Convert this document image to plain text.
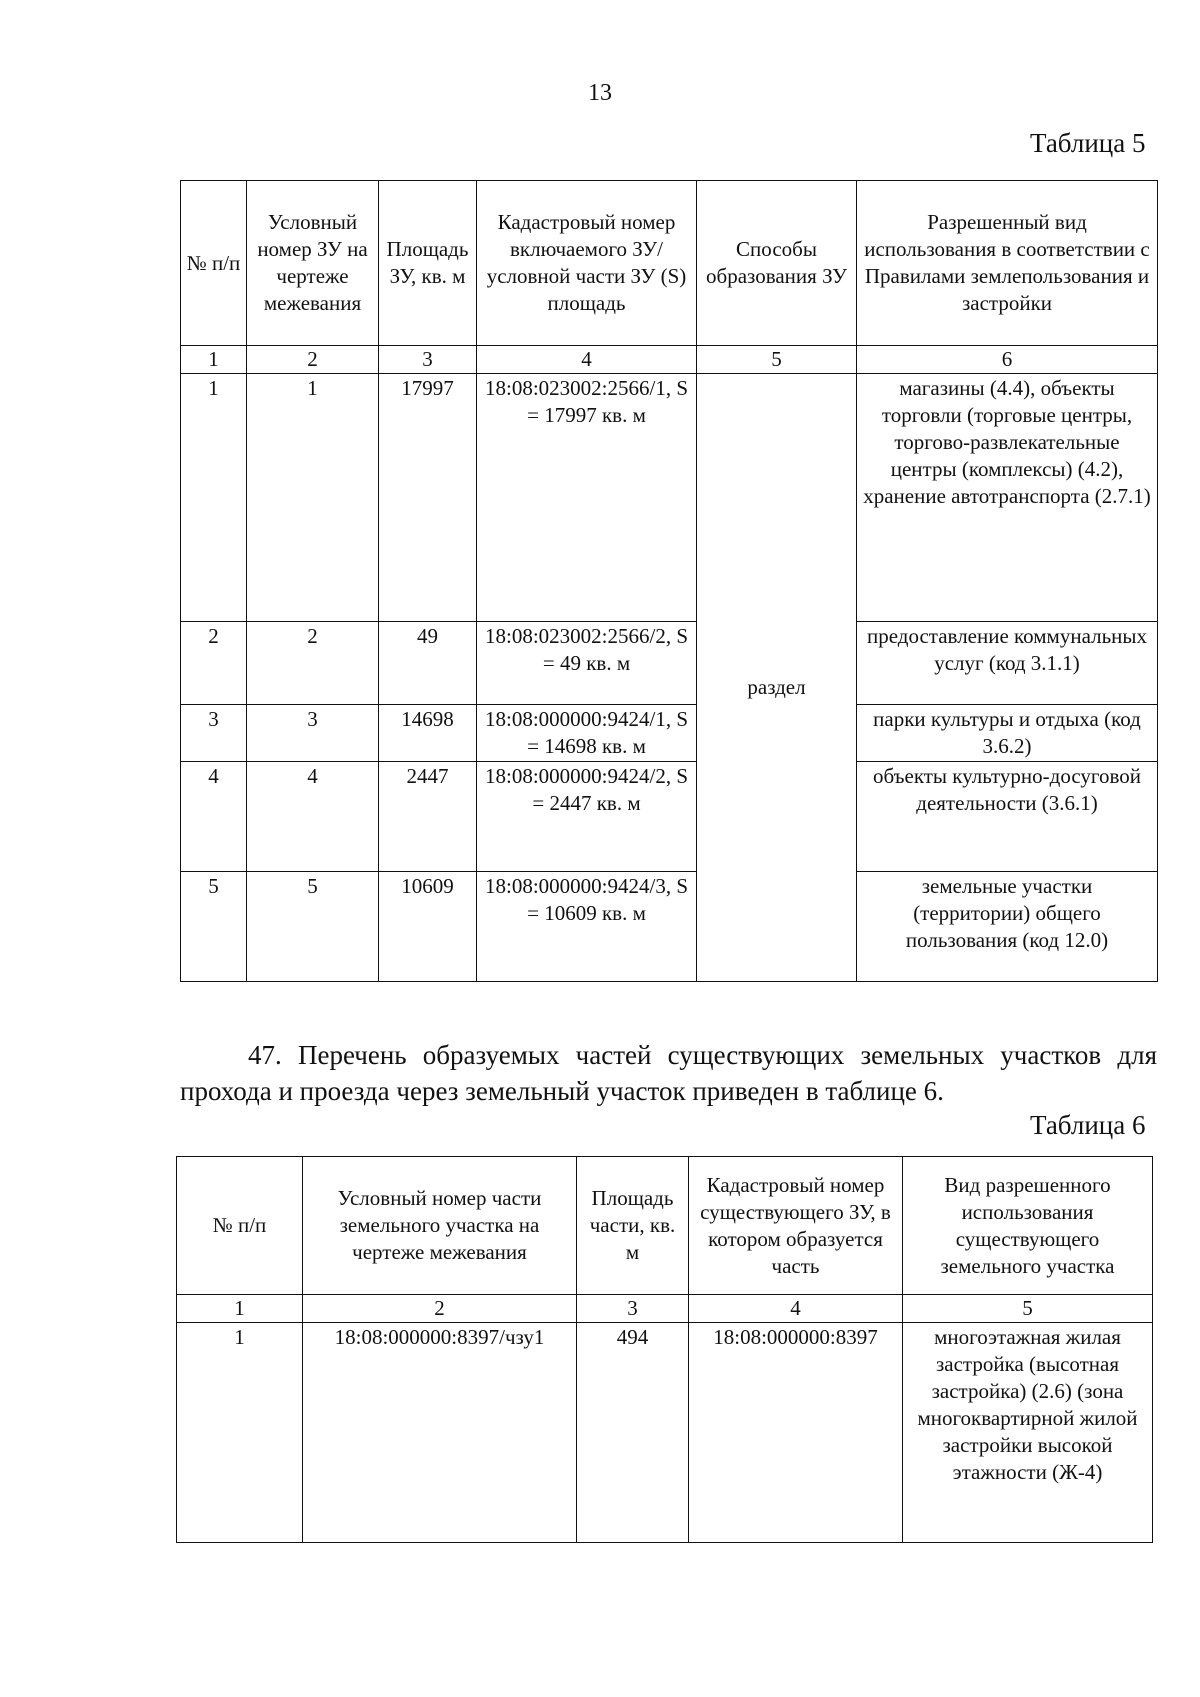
13
Таблица 5
№ п/п	Условный номер ЗУ на чертеже межевания	Площадь ЗУ, кв. м	Кадастровый номер включаемого ЗУ/ условной части ЗУ (S) площадь	Способы образования ЗУ	Разрешенный вид использования в соответствии с Правилами землепользования и застройки
1	2	3	4	5	6
1	1	17997	18:08:023002:2566/1, S = 17997 кв. м	раздел	магазины (4.4), объекты торговли (торговые центры, торгово-развлекательные центры (комплексы) (4.2), хранение автотранспорта (2.7.1)
2	2	49	18:08:023002:2566/2, S = 49 кв. м		предоставление коммунальных услуг (код 3.1.1)
3	3	14698	18:08:000000:9424/1, S = 14698 кв. м		парки культуры и отдыха (код 3.6.2)
4	4	2447	18:08:000000:9424/2, S = 2447 кв. м		объекты культурно-досуговой деятельности (3.6.1)
5	5	10609	18:08:000000:9424/3, S = 10609 кв. м		земельные участки (территории) общего пользования (код 12.0)

47. Перечень образуемых частей существующих земельных участков для прохода и проезда через земельный участок приведен в таблице 6.

Таблица 6
№ п/п	Условный номер части земельного участка на чертеже межевания	Площадь части, кв. м	Кадастровый номер существующего ЗУ, в котором образуется часть	Вид разрешенного использования существующего земельного участка
1	2	3	4	5
1	18:08:000000:8397/чзу1	494	18:08:000000:8397	многоэтажная жилая застройка (высотная застройка) (2.6) (зона многоквартирной жилой застройки высокой этажности (Ж-4)
